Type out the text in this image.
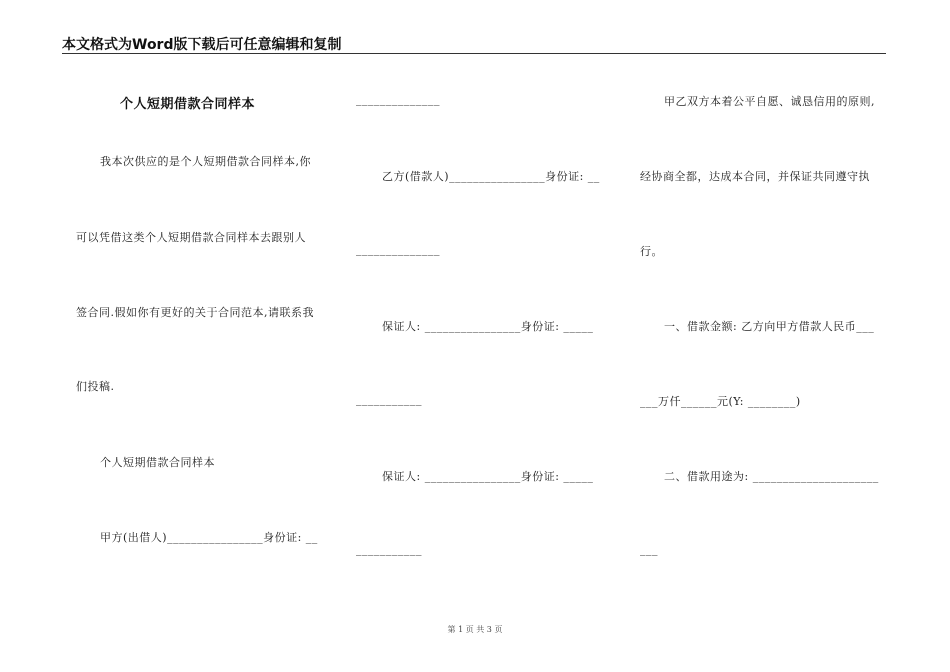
本文格式为Word版下载后可任意编辑和复制
个人短期借款合同样本
我本次供应的是个人短期借款合同样本,你
可以凭借这类个人短期借款合同样本去跟别人
签合同.假如你有更好的关于合同范本,请联系我
们投稿.
个人短期借款合同样本
甲方(出借人)________________身份证: __
______________
乙方(借款人)________________身份证: __
______________
保证人: ________________身份证: _____
___________
保证人: ________________身份证: _____
___________
甲乙双方本着公平自愿、诚恳信用的原则,
经协商全都，达成本合同，并保证共同遵守执
行。
一、借款金额: 乙方向甲方借款人民币___
___万仟______元(Y: ________)
二、借款用途为: _____________________
___
第 1 页 共 3 页
